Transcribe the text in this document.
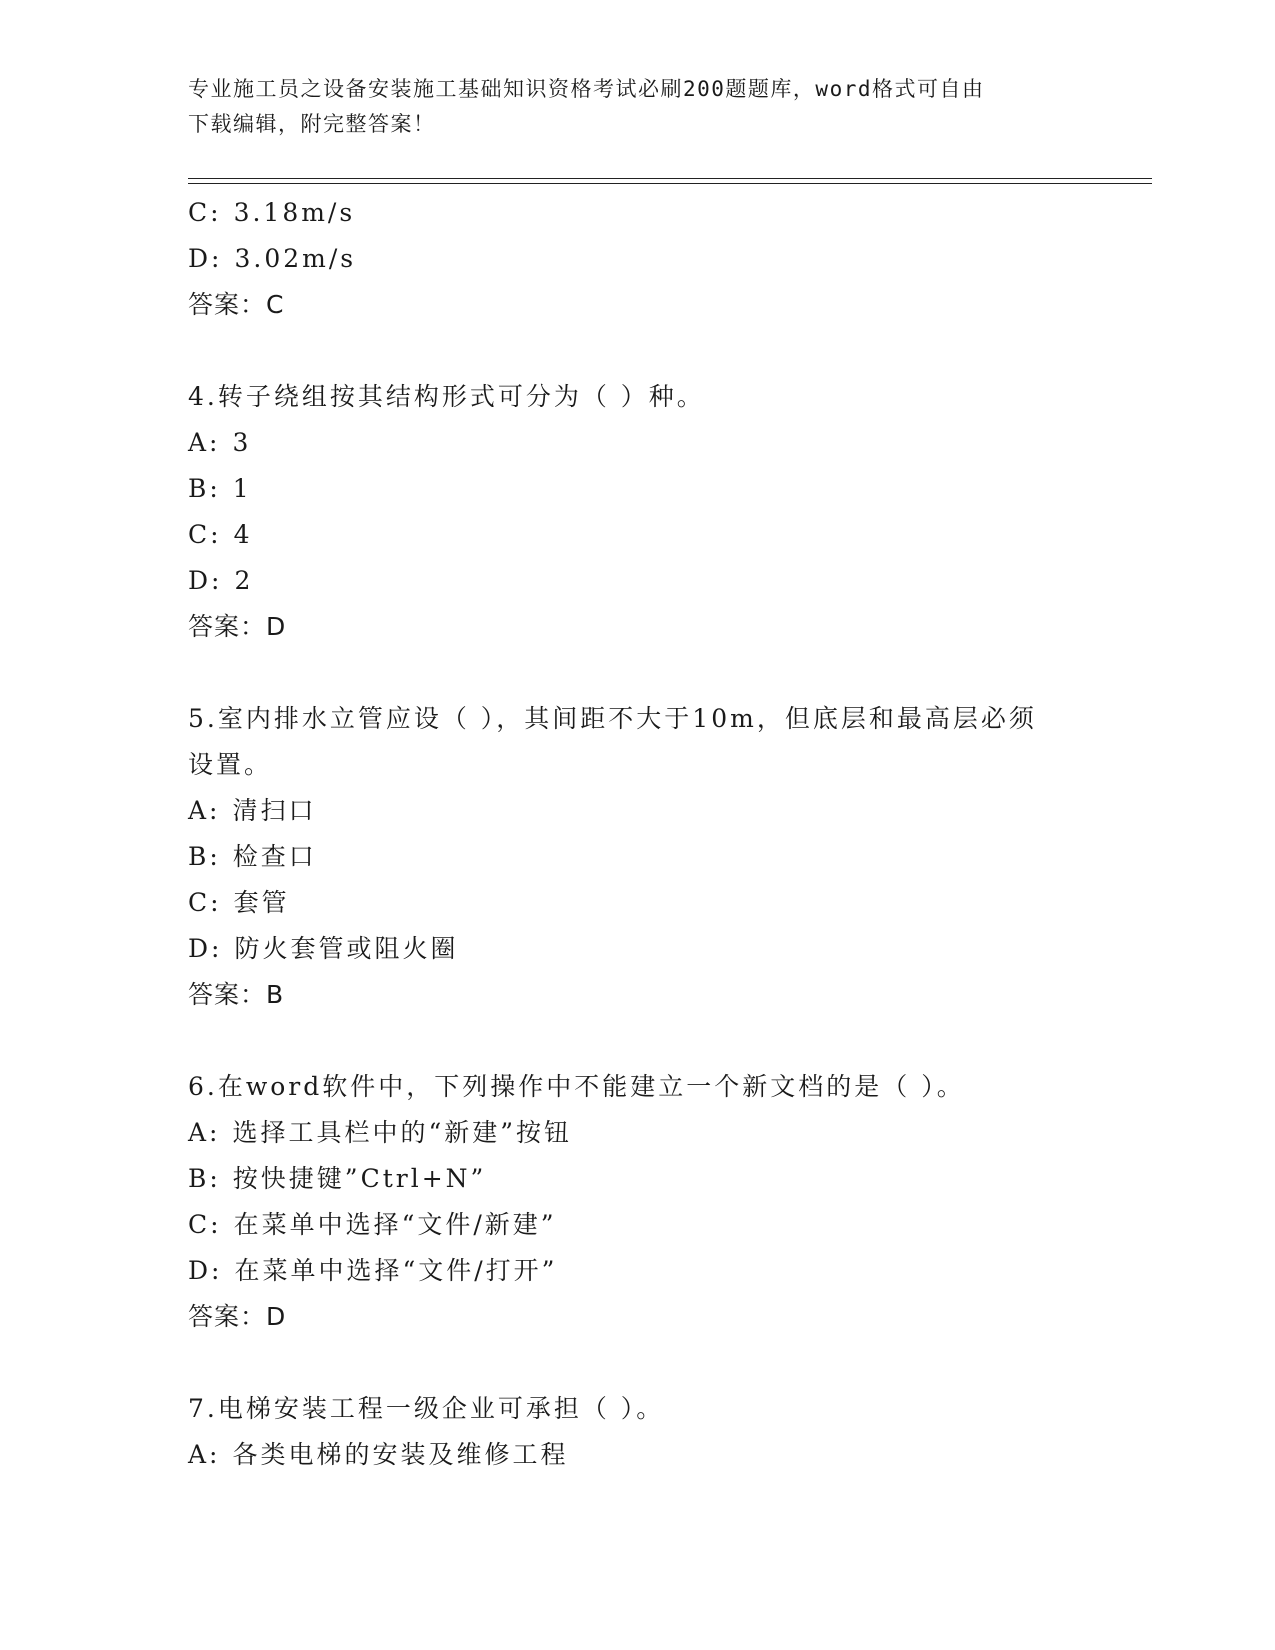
专业施工员之设备安装施工基础知识资格考试必刷200题题库，word格式可自由
下载编辑，附完整答案！
C: 3.18m/s
D: 3.02m/s
答案：C
4.转子绕组按其结构形式可分为（ ）种。
A: 3
B: 1
C: 4
D: 2
答案：D
5.室内排水立管应设（ ），其间距不大于10m，但底层和最高层必须
设置。
A: 清扫口
B: 检查口
C: 套管
D: 防火套管或阻火圈
答案：B
6.在word软件中，下列操作中不能建立一个新文档的是（ ）。
A: 选择工具栏中的“新建”按钮
B: 按快捷键”Ctrl+N”
C: 在菜单中选择“文件/新建”
D: 在菜单中选择“文件/打开”
答案：D
7.电梯安装工程一级企业可承担（ ）。
A: 各类电梯的安装及维修工程
